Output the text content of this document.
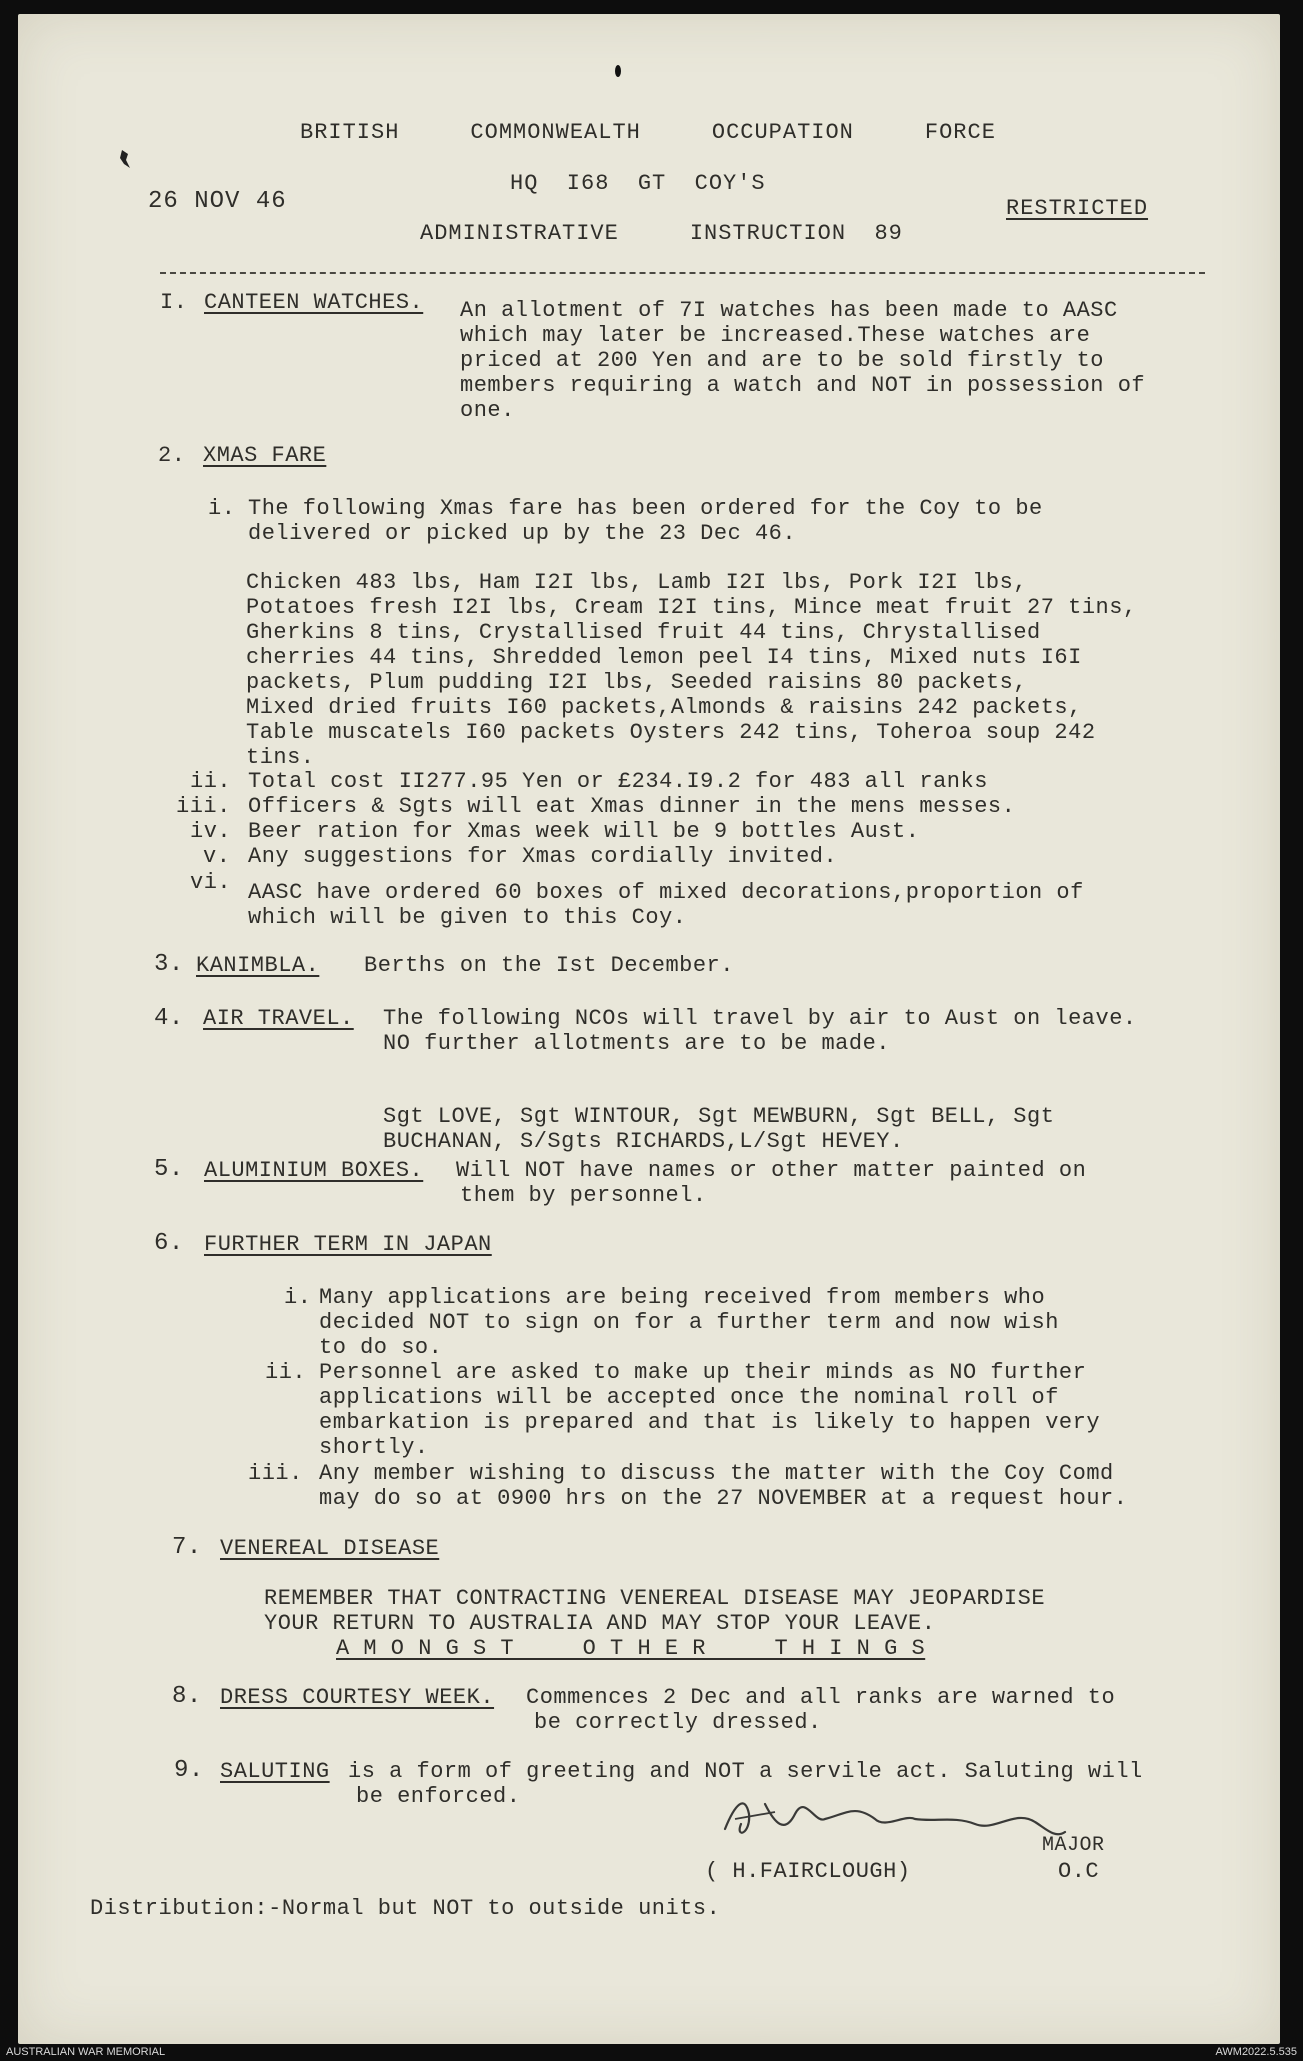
BRITISH     COMMONWEALTH     OCCUPATION     FORCE
HQ  I68  GT  COY'S
26 NOV 46	RESTRICTED
ADMINISTRATIVE     INSTRUCTION  89
I. CANTEEN WATCHES. An allotment of 7I watches has been made to AASC
which may later be increased.These watches are
priced at 200 Yen and are to be sold firstly to
members requiring a watch and NOT in possession of
one.
2. XMAS FARE
i. The following Xmas fare has been ordered for the Coy to be
delivered or picked up by the 23 Dec 46.
Chicken 483 lbs, Ham I2I lbs, Lamb I2I lbs, Pork I2I lbs,
Potatoes fresh I2I lbs, Cream I2I tins, Mince meat fruit 27 tins,
Gherkins 8 tins, Crystallised fruit 44 tins, Chrystallised
cherries 44 tins, Shredded lemon peel I4 tins, Mixed nuts I6I
packets, Plum pudding I2I lbs, Seeded raisins 80 packets,
Mixed dried fruits I60 packets,Almonds & raisins 242 packets,
Table muscatels I60 packets Oysters 242 tins, Toheroa soup 242
tins.
ii. Total cost II277.95 Yen or £234.I9.2 for 483 all ranks
iii. Officers & Sgts will eat Xmas dinner in the mens messes.
iv. Beer ration for Xmas week will be 9 bottles Aust.
v. Any suggestions for Xmas cordially invited.
vi. AASC have ordered 60 boxes of mixed decorations,proportion of
which will be given to this Coy.
3. KANIMBLA. Berths on the Ist December.
4. AIR TRAVEL. The following NCOs will travel by air to Aust on leave.
NO further allotments are to be made.
Sgt LOVE, Sgt WINTOUR, Sgt MEWBURN, Sgt BELL, Sgt
BUCHANAN, S/Sgts RICHARDS,L/Sgt HEVEY.
5. ALUMINIUM BOXES. Will NOT have names or other matter painted on
them by personnel.
6. FURTHER TERM IN JAPAN
i. Many applications are being received from members who
decided NOT to sign on for a further term and now wish
to do so.
ii. Personnel are asked to make up their minds as NO further
applications will be accepted once the nominal roll of
embarkation is prepared and that is likely to happen very
shortly.
iii. Any member wishing to discuss the matter with the Coy Comd
may do so at 0900 hrs on the 27 NOVEMBER at a request hour.
7. VENEREAL DISEASE
REMEMBER THAT CONTRACTING VENEREAL DISEASE MAY JEOPARDISE
YOUR RETURN TO AUSTRALIA AND MAY STOP YOUR LEAVE.
A M O N G S T     O T H E R     T H I N G S
8. DRESS COURTESY WEEK. Commences 2 Dec and all ranks are warned to
be correctly dressed.
9. SALUTING is a form of greeting and NOT a servile act. Saluting will
be enforced.
MAJOR
( H.FAIRCLOUGH)	O.C
Distribution:-Normal but NOT to outside units.
AUSTRALIAN WAR MEMORIAL	AWM2022.5.535
